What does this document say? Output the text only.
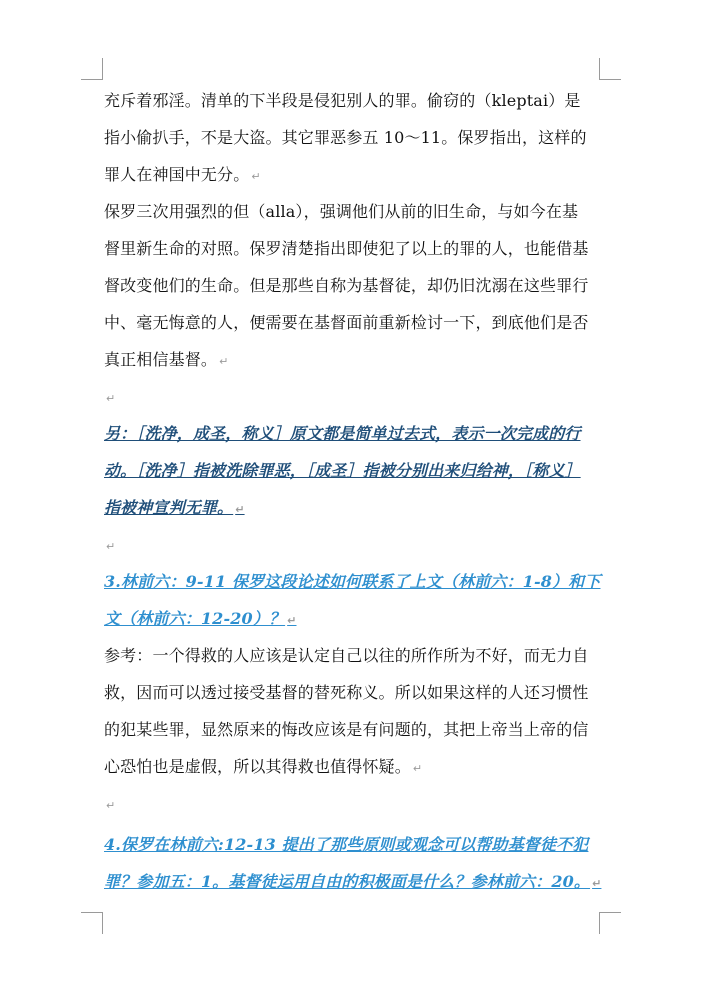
充斥着邪淫。清单的下半段是侵犯别人的罪。偷窃的（kleptai）是
指小偷扒手，不是大盗。其它罪恶参五 10～11。保罗指出，这样的
罪人在神国中无分。 ↵
保罗三次用强烈的但（alla），强调他们从前的旧生命，与如今在基
督里新生命的对照。保罗清楚指出即使犯了以上的罪的人，也能借基
督改变他们的生命。但是那些自称为基督徒，却仍旧沈溺在这些罪行
中、毫无悔意的人，便需要在基督面前重新检讨一下，到底他们是否
真正相信基督。 ↵
↵
另：［洗净，成圣，称义］原文都是简单过去式，表示一次完成的行
动。［洗净］指被洗除罪恶，［成圣］指被分别出来归给神，［称义］
指被神宣判无罪。 ↵
↵
3.林前六：9-11 保罗这段论述如何联系了上文（林前六：1-8）和下
文（林前六：12-20）？ ↵
参考：一个得救的人应该是认定自己以往的所作所为不好，而无力自
救，因而可以透过接受基督的替死称义。所以如果这样的人还习惯性
的犯某些罪，显然原来的悔改应该是有问题的，其把上帝当上帝的信
心恐怕也是虚假，所以其得救也值得怀疑。 ↵
↵
4.保罗在林前六:12-13 提出了那些原则或观念可以帮助基督徒不犯
罪？参加五：1。基督徒运用自由的积极面是什么？参林前六：20。 ↵
